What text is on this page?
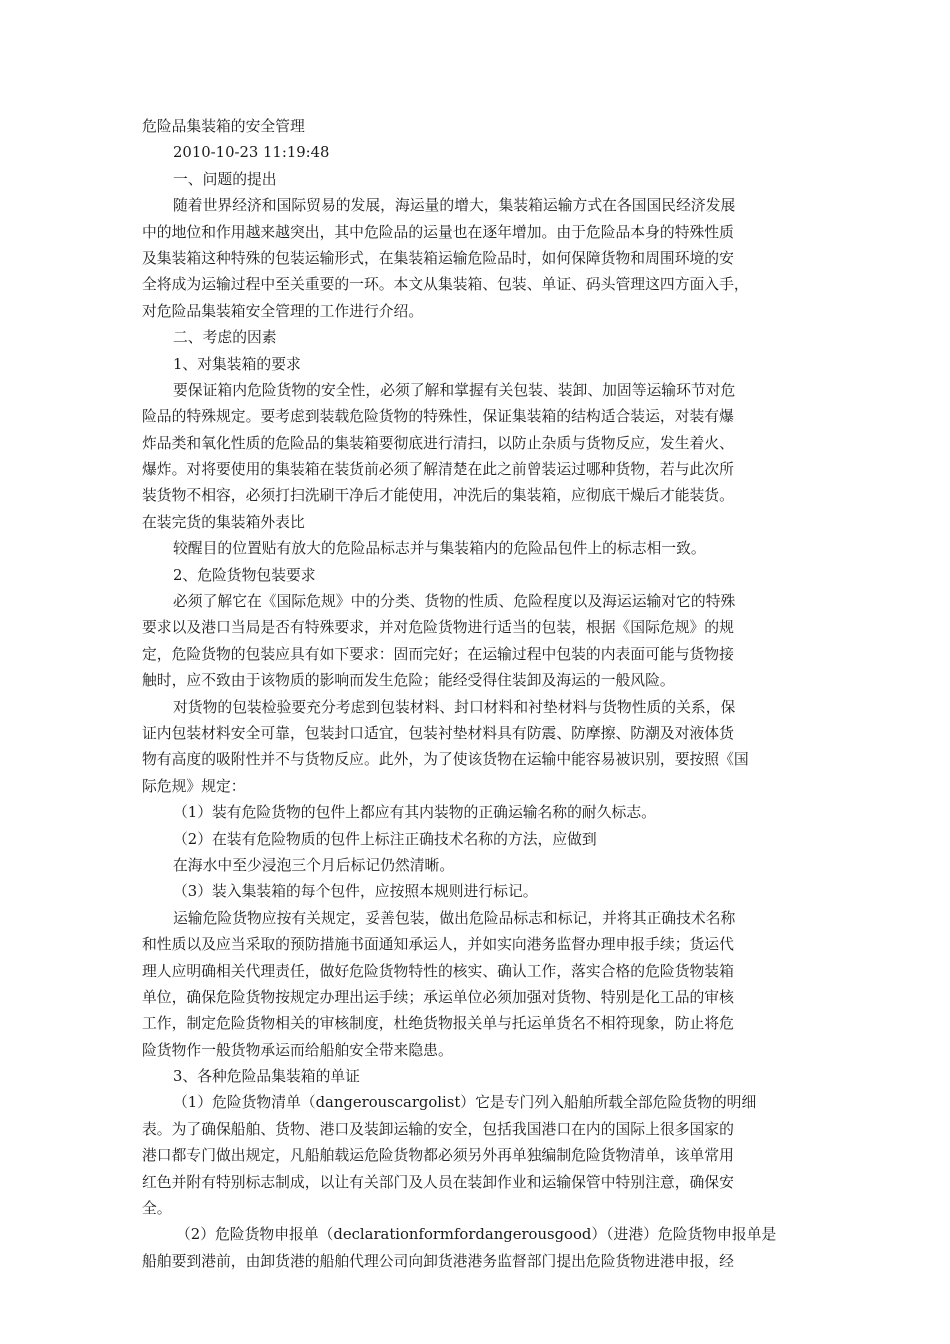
危险品集装箱的安全管理
2010-10-23 11:19:48
一、问题的提出
随着世界经济和国际贸易的发展，海运量的增大，集装箱运输方式在各国国民经济发展
中的地位和作用越来越突出，其中危险品的运量也在逐年增加。由于危险品本身的特殊性质
及集装箱这种特殊的包装运输形式，在集装箱运输危险品时，如何保障货物和周围环境的安
全将成为运输过程中至关重要的一环。本文从集装箱、包装、单证、码头管理这四方面入手，
对危险品集装箱安全管理的工作进行介绍。
二、考虑的因素
1、对集装箱的要求
要保证箱内危险货物的安全性，必须了解和掌握有关包装、装卸、加固等运输环节对危
险品的特殊规定。要考虑到装载危险货物的特殊性，保证集装箱的结构适合装运，对装有爆
炸品类和氧化性质的危险品的集装箱要彻底进行清扫，以防止杂质与货物反应，发生着火、
爆炸。对将要使用的集装箱在装货前必须了解清楚在此之前曾装运过哪种货物，若与此次所
装货物不相容，必须打扫洗刷干净后才能使用，冲洗后的集装箱，应彻底干燥后才能装货。
在装完货的集装箱外表比
较醒目的位置贴有放大的危险品标志并与集装箱内的危险品包件上的标志相一致。
2、危险货物包装要求
必须了解它在《国际危规》中的分类、货物的性质、危险程度以及海运运输对它的特殊
要求以及港口当局是否有特殊要求，并对危险货物进行适当的包装，根据《国际危规》的规
定，危险货物的包装应具有如下要求：固而完好；在运输过程中包装的内表面可能与货物接
触时，应不致由于该物质的影响而发生危险；能经受得住装卸及海运的一般风险。
对货物的包装检验要充分考虑到包装材料、封口材料和衬垫材料与货物性质的关系，保
证内包装材料安全可靠，包装封口适宜，包装衬垫材料具有防震、防摩擦、防潮及对液体货
物有高度的吸附性并不与货物反应。此外，为了使该货物在运输中能容易被识别，要按照《国
际危规》规定：
（1）装有危险货物的包件上都应有其内装物的正确运输名称的耐久标志。
（2）在装有危险物质的包件上标注正确技术名称的方法，应做到
在海水中至少浸泡三个月后标记仍然清晰。
（3）装入集装箱的每个包件，应按照本规则进行标记。
运输危险货物应按有关规定，妥善包装，做出危险品标志和标记，并将其正确技术名称
和性质以及应当采取的预防措施书面通知承运人，并如实向港务监督办理申报手续；货运代
理人应明确相关代理责任，做好危险货物特性的核实、确认工作，落实合格的危险货物装箱
单位，确保危险货物按规定办理出运手续；承运单位必须加强对货物、特别是化工品的审核
工作，制定危险货物相关的审核制度，杜绝货物报关单与托运单货名不相符现象，防止将危
险货物作一般货物承运而给船舶安全带来隐患。
3、各种危险品集装箱的单证
（1）危险货物清单（dangerouscargolist）它是专门列入船舶所载全部危险货物的明细
表。为了确保船舶、货物、港口及装卸运输的安全，包括我国港口在内的国际上很多国家的
港口都专门做出规定，凡船舶载运危险货物都必须另外再单独编制危险货物清单，该单常用
红色并附有特别标志制成，以让有关部门及人员在装卸作业和运输保管中特别注意，确保安
全。
（2）危险货物申报单（declarationformfordangerousgood）（进港）危险货物申报单是
船舶要到港前，由卸货港的船舶代理公司向卸货港港务监督部门提出危险货物进港申报，经
